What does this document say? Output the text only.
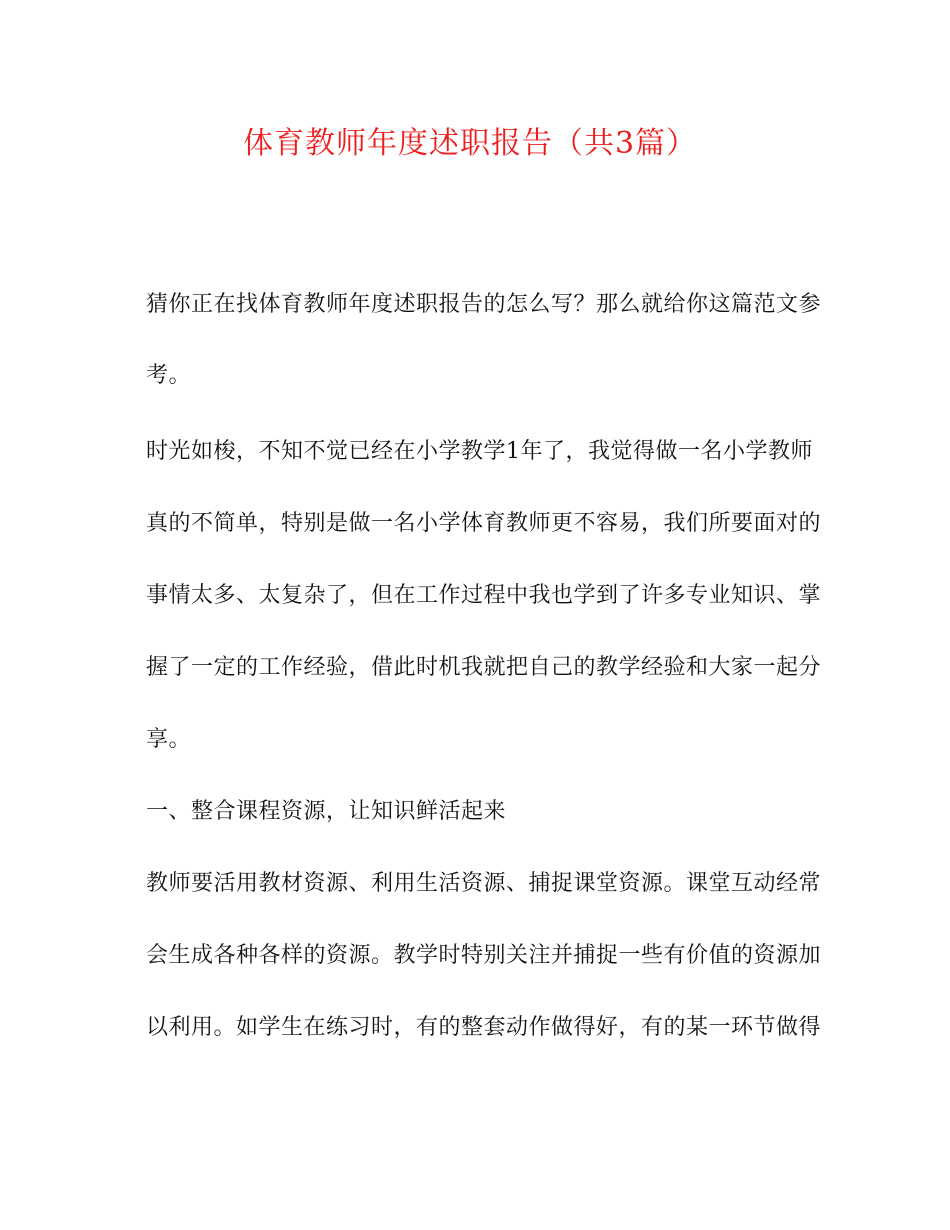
体育教师年度述职报告（共3篇）
猜你正在找体育教师年度述职报告的怎么写？那么就给你这篇范文参
考。
时光如梭，不知不觉已经在小学教学1年了，我觉得做一名小学教师
真的不简单，特别是做一名小学体育教师更不容易，我们所要面对的
事情太多、太复杂了，但在工作过程中我也学到了许多专业知识、掌
握了一定的工作经验，借此时机我就把自己的教学经验和大家一起分
享。
一、整合课程资源，让知识鲜活起来
教师要活用教材资源、利用生活资源、捕捉课堂资源。课堂互动经常
会生成各种各样的资源。教学时特别关注并捕捉一些有价值的资源加
以利用。如学生在练习时，有的整套动作做得好，有的某一环节做得
